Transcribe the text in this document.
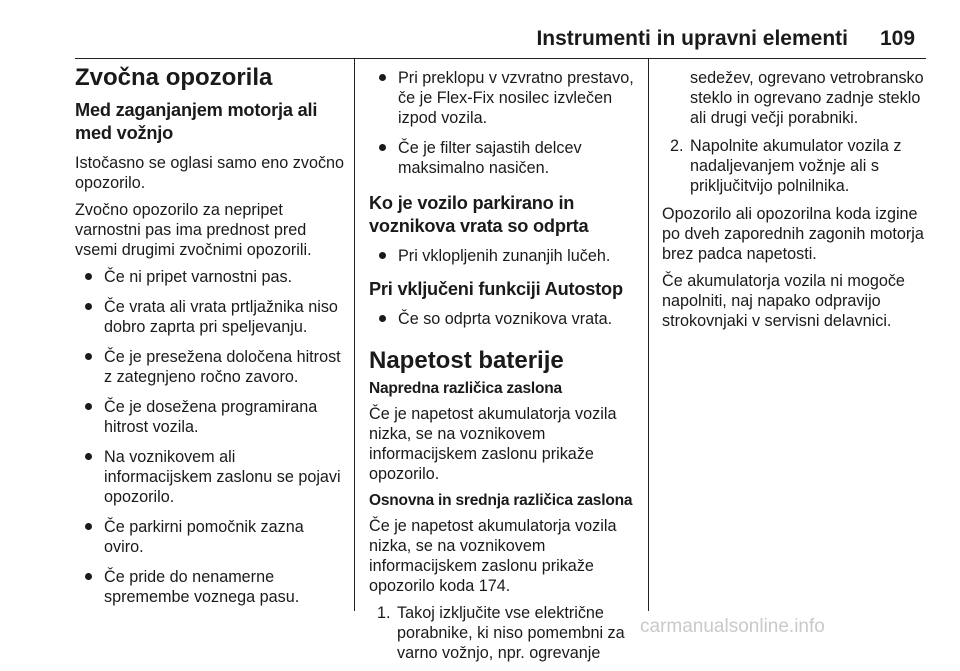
Instrumenti in upravni elementi 109
Zvočna opozorila
Med zaganjanjem motorja ali med vožnjo

Istočasno se oglasi samo eno zvočno opozorilo.

Zvočno opozorilo za nepripet varnostni pas ima prednost pred vsemi drugimi zvočnimi opozorili.

Če ni pripet varnostni pas.
Če vrata ali vrata prtljažnika niso dobro zaprta pri speljevanju.
Če je presežena določena hitrost z zategnjeno ročno zavoro.
Če je dosežena programirana hitrost vozila.
Na voznikovem ali informacijskem zaslonu se pojavi opozorilo.
Če parkirni pomočnik zazna oviro.
Če pride do nenamerne spremembe voznega pasu.
Pri preklopu v vzvratno prestavo, če je Flex-Fix nosilec izvlečen izpod vozila.
Če je filter sajastih delcev maksimalno nasičen.
Ko je vozilo parkirano in voznikova vrata so odprta
Pri vklopljenih zunanjih lučeh.
Pri vključeni funkciji Autostop
Če so odprta voznikova vrata.
Napetost baterije
Napredna različica zaslona

Če je napetost akumulatorja vozila nizka, se na voznikovem informacijskem zaslonu prikaže opozorilo.

Osnovna in srednja različica zaslona

Če je napetost akumulatorja vozila nizka, se na voznikovem informacijskem zaslonu prikaže opozorilo koda 174.

1. Takoj izključite vse električne porabnike, ki niso pomembni za varno vožnjo, npr. ogrevanje
sedežev, ogrevano vetrobransko steklo in ogrevano zadnje steklo ali drugi večji porabniki.
2. Napolnite akumulator vozila z nadaljevanjem vožnje ali s priključitvijo polnilnika.

Opozorilo ali opozorilna koda izgine po dveh zaporednih zagonih motorja brez padca napetosti.

Če akumulatorja vozila ni mogoče napolniti, naj napako odpravijo strokovnjaki v servisni delavnici.

carmanualsonline.info
